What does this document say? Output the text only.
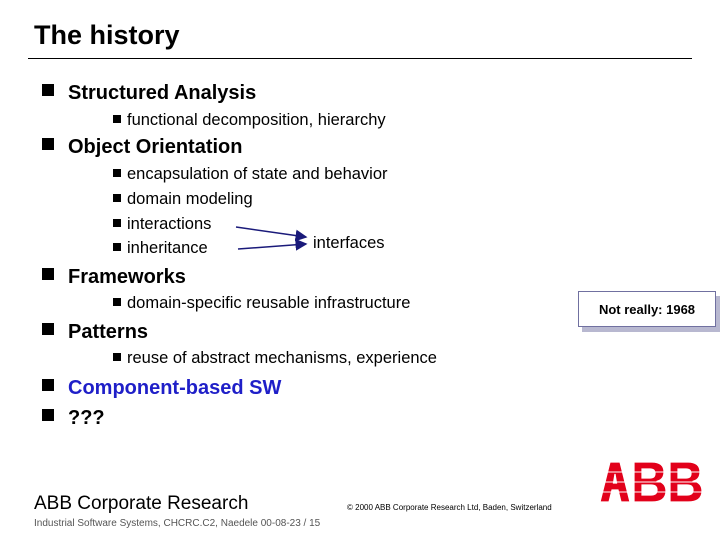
The history
Structured Analysis
functional decomposition, hierarchy
Object Orientation
encapsulation of state and behavior
domain modeling
interactions
inheritance	interfaces
Frameworks
domain-specific reusable infrastructure
Patterns
reuse of abstract mechanisms, experience
Component-based SW
???
Not really: 1968
ABB Corporate Research
Industrial Software Systems, CHCRC.C2, Naedele 00-08-23 / 15
© 2000 ABB Corporate Research Ltd, Baden, Switzerland
